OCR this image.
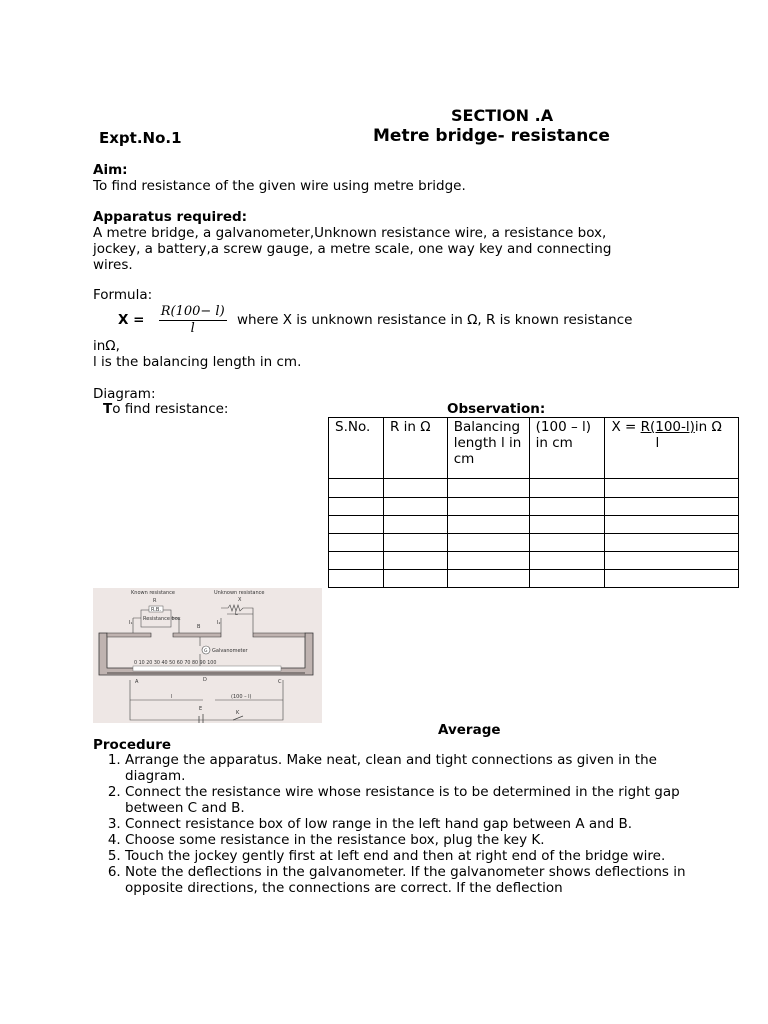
SECTION .A
Expt.No.1	Metre bridge- resistance
Aim:
To find resistance of the given wire using metre bridge.
Apparatus required:
A metre bridge, a galvanometer,Unknown resistance wire, a resistance box, jockey, a battery,a screw gauge, a metre scale, one way key and connecting wires.
Formula:
$X = \frac{R(100- l)}{l}$ where X is unknown resistance in Ω, R is known resistance
inΩ,
l is the balancing length in cm.
Diagram:
To find resistance:	Observation:
S.No.	R in Ω	Balancing length l in cm	(100 – l) in cm	X = R(100-l)in Ω
l

Known resistance	Unknown resistance
R
R.B.
Resistance box
X
L
B
I₁	I₂
G Galvanometer
0 10 20 30 40 50 60 70 80 90 100
A	C
D
l	(100 – l)
E
K
Average
Procedure
1. Arrange the apparatus. Make neat, clean and tight connections as given in the diagram.
2. Connect the resistance wire whose resistance is to be determined in the right gap between C and B.
3. Connect resistance box of low range in the left hand gap between A and B.
4. Choose some resistance in the resistance box, plug the key K.
5. Touch the jockey gently first at left end and then at right end of the bridge wire.
6. Note the deflections in the galvanometer. If the galvanometer shows deflections in opposite directions, the connections are correct. If the deflection
